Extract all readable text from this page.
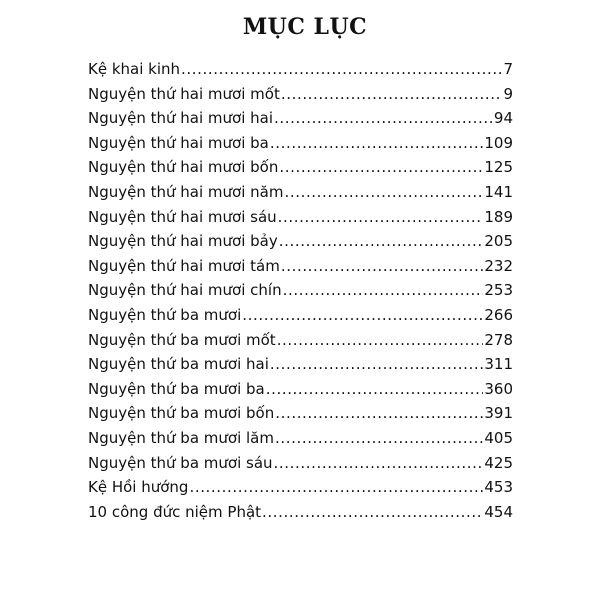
MỤC LỤC
Kệ khai kinh .....	7
Nguyện thứ hai mươi mốt .....	9
Nguyện thứ hai mươi hai .....	94
Nguyện thứ hai mươi ba .....	109
Nguyện thứ hai mươi bốn .....	125
Nguyện thứ hai mươi năm .....	141
Nguyện thứ hai mươi sáu .....	189
Nguyện thứ hai mươi bảy .....	205
Nguyện thứ hai mươi tám .....	232
Nguyện thứ hai mươi chín .....	253
Nguyện thứ ba mươi .....	266
Nguyện thứ ba mươi mốt .....	278
Nguyện thứ ba mươi hai .....	311
Nguyện thứ ba mươi ba .....	360
Nguyện thứ ba mươi bốn .....	391
Nguyện thứ ba mươi lăm .....	405
Nguyện thứ ba mươi sáu .....	425
Kệ Hồi hướng .....	453
10 công đức niệm Phật .....	454
